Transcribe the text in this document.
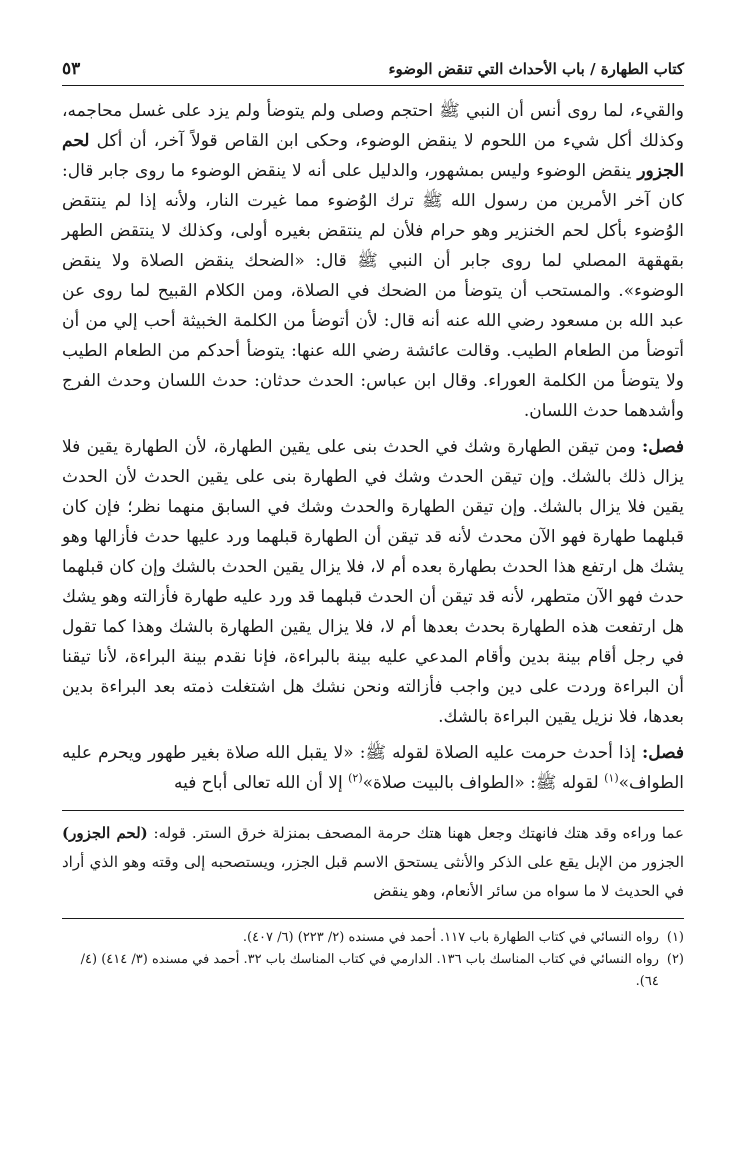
كتاب الطهارة / باب الأحداث التي تنقض الوضوء
٥٣

والقيء، لما روى أنس أن النبي ﷺ احتجم وصلى ولم يتوضأ ولم يزد على غسل محاجمه، وكذلك أكل شيء من اللحوم لا ينقض الوضوء، وحكى ابن القاص قولاً آخر، أن أكل لحم الجزور ينقض الوضوء وليس بمشهور، والدليل على أنه لا ينقض الوضوء ما روى جابر قال: كان آخر الأمرين من رسول الله ﷺ ترك الوُضوء مما غيرت النار، ولأنه إذا لم ينتقض الوُضوء بأكل لحم الخنزير وهو حرام فلأن لم ينتقض بغيره أولى، وكذلك لا ينتقض الطهر بقهقهة المصلي لما روى جابر أن النبي ﷺ قال: «الضحك ينقض الصلاة ولا ينقض الوضوء». والمستحب أن يتوضأ من الضحك في الصلاة، ومن الكلام القبيح لما روى عن عبد الله بن مسعود رضي الله عنه أنه قال: لأن أتوضأ من الكلمة الخبيثة أحب إلي من أن أتوضأ من الطعام الطيب. وقالت عائشة رضي الله عنها: يتوضأ أحدكم من الطعام الطيب ولا يتوضأ من الكلمة العوراء. وقال ابن عباس: الحدث حدثان: حدث اللسان وحدث الفرج وأشدهما حدث اللسان.

فصل: ومن تيقن الطهارة وشك في الحدث بنى على يقين الطهارة، لأن الطهارة يقين فلا يزال ذلك بالشك. وإن تيقن الحدث وشك في الطهارة بنى على يقين الحدث لأن الحدث يقين فلا يزال بالشك. وإن تيقن الطهارة والحدث وشك في السابق منهما نظر؛ فإن كان قبلهما طهارة فهو الآن محدث لأنه قد تيقن أن الطهارة قبلهما ورد عليها حدث فأزالها وهو يشك هل ارتفع هذا الحدث بطهارة بعده أم لا، فلا يزال يقين الحدث بالشك وإن كان قبلهما حدث فهو الآن متطهر، لأنه قد تيقن أن الحدث قبلهما قد ورد عليه طهارة فأزالته وهو يشك هل ارتفعت هذه الطهارة بحدث بعدها أم لا، فلا يزال يقين الطهارة بالشك وهذا كما تقول في رجل أقام بينة بدين وأقام المدعي عليه بينة بالبراءة، فإنا نقدم بينة البراءة، لأنا تيقنا أن البراءة وردت على دين واجب فأزالته ونحن نشك هل اشتغلت ذمته بعد البراءة بدين بعدها، فلا نزيل يقين البراءة بالشك.

فصل: إذا أحدث حرمت عليه الصلاة لقوله ﷺ: «لا يقبل الله صلاة بغير طهور ويحرم عليه الطواف»$^{(١)}$ لقوله ﷺ: «الطواف بالبيت صلاة»$^{(٢)}$ إلا أن الله تعالى أباح فيه

عما وراءه وقد هتك فانهتك وجعل ههنا هتك حرمة المصحف بمنزلة خرق الستر. قوله: (لحم الجزور) الجزور من الإبل يقع على الذكر والأنثى يستحق الاسم قبل الجزر، ويستصحبه إلى وقته وهو الذي أراد في الحديث لا ما سواه من سائر الأنعام، وهو ينقض

(١)
رواه النسائي في كتاب الطهارة باب ١١٧. أحمد في مسنده (٢/ ٢٢٣) (٦/ ٤٠٧).
(٢)
رواه النسائي في كتاب المناسك باب ١٣٦. الدارمي في كتاب المناسك باب ٣٢. أحمد في مسنده (٣/ ٤١٤) (٤/ ٦٤).
